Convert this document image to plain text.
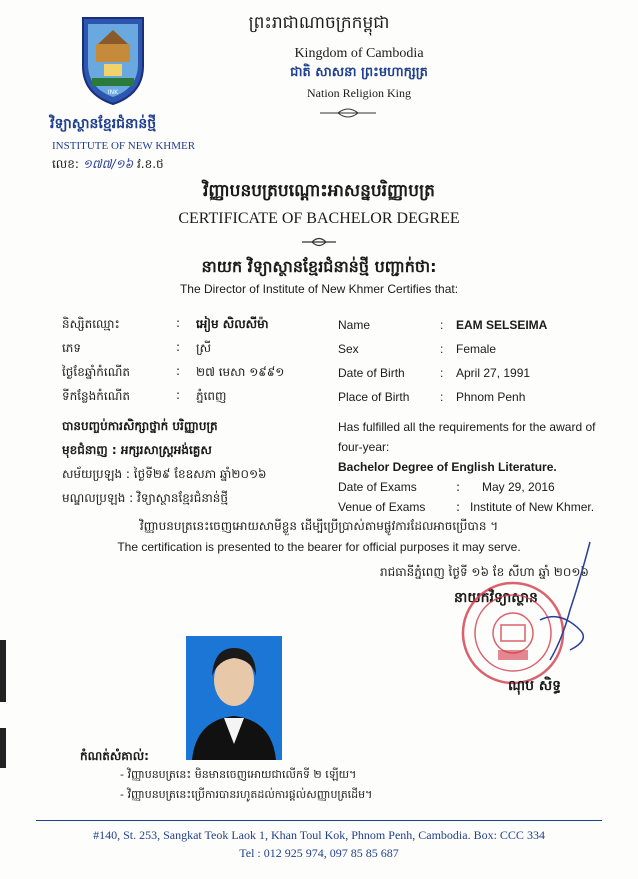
INK
ព្រះរាជាណាចក្រកម្ពុជា
Kingdom of Cambodia
ជាតិ សាសនា ព្រះមហាក្សត្រ
Nation Religion King
វិទ្យាស្ថានខ្មែរជំនាន់ថ្មី
INSTITUTE OF NEW KHMER
លេខ: ១៧៧/១៦ វ.ខ.ថ
វិញ្ញាបនបត្របណ្ដោះអាសន្នបរិញ្ញាបត្រ
CERTIFICATE OF BACHELOR DEGREE
នាយក វិទ្យាស្ថានខ្មែរជំនាន់ថ្មី បញ្ជាក់ថា:
The Director of Institute of New Khmer Certifies that:
និស្សិតឈ្មោះ	: អៀម សិលសីម៉ា
ភេទ	: ស្រី
ថ្ងៃខែឆ្នាំកំណើត	: ២៧ មេសា ១៩៩១
ទីកន្លែងកំណើត	: ភ្នំពេញ
Name	: EAM SELSEIMA
Sex	: Female
Date of Birth	: April 27, 1991
Place of Birth	: Phnom Penh
បានបញ្ចប់ការសិក្សាថ្នាក់ បរិញ្ញាបត្រ
មុខជំនាញ : អក្សរសាស្ត្រអង់គ្លេស
សម័យប្រឡង : ថ្ងៃទី២៩ ខែឧសភា ឆ្នាំ២០១៦
មណ្ឌលប្រឡង : វិទ្យាស្ថានខ្មែរជំនាន់ថ្មី
Has fulfilled all the requirements for the award of
four-year:
Bachelor Degree of English Literature.
Date of Exams	: May 29, 2016
Venue of Exams	: Institute of New Khmer.
វិញ្ញាបនបត្រនេះចេញអោយសាមីខ្លួន ដើម្បីប្រើប្រាស់តាមផ្លូវការដែលអាចប្រើបាន ។
The certification is presented to the bearer for official purposes it may serve.
រាជធានីភ្នំពេញ ថ្ងៃទី ១៦ ខែ សីហា ឆ្នាំ ២០១៦
នាយកវិទ្យាស្ថាន
ណុប សិទ្ធ
កំណត់សំគាល់:
- វិញ្ញាបនបត្រនេះ មិនមានចេញអោយជាលើកទី ២ ឡើយ។
- វិញ្ញាបនបត្រនេះប្រើការបានរហូតដល់ការផ្ដល់សញ្ញាបត្រដើម។
#140, St. 253, Sangkat Teok Laok 1, Khan Toul Kok, Phnom Penh, Cambodia. Box: CCC 334
Tel : 012 925 974, 097 85 85 687
